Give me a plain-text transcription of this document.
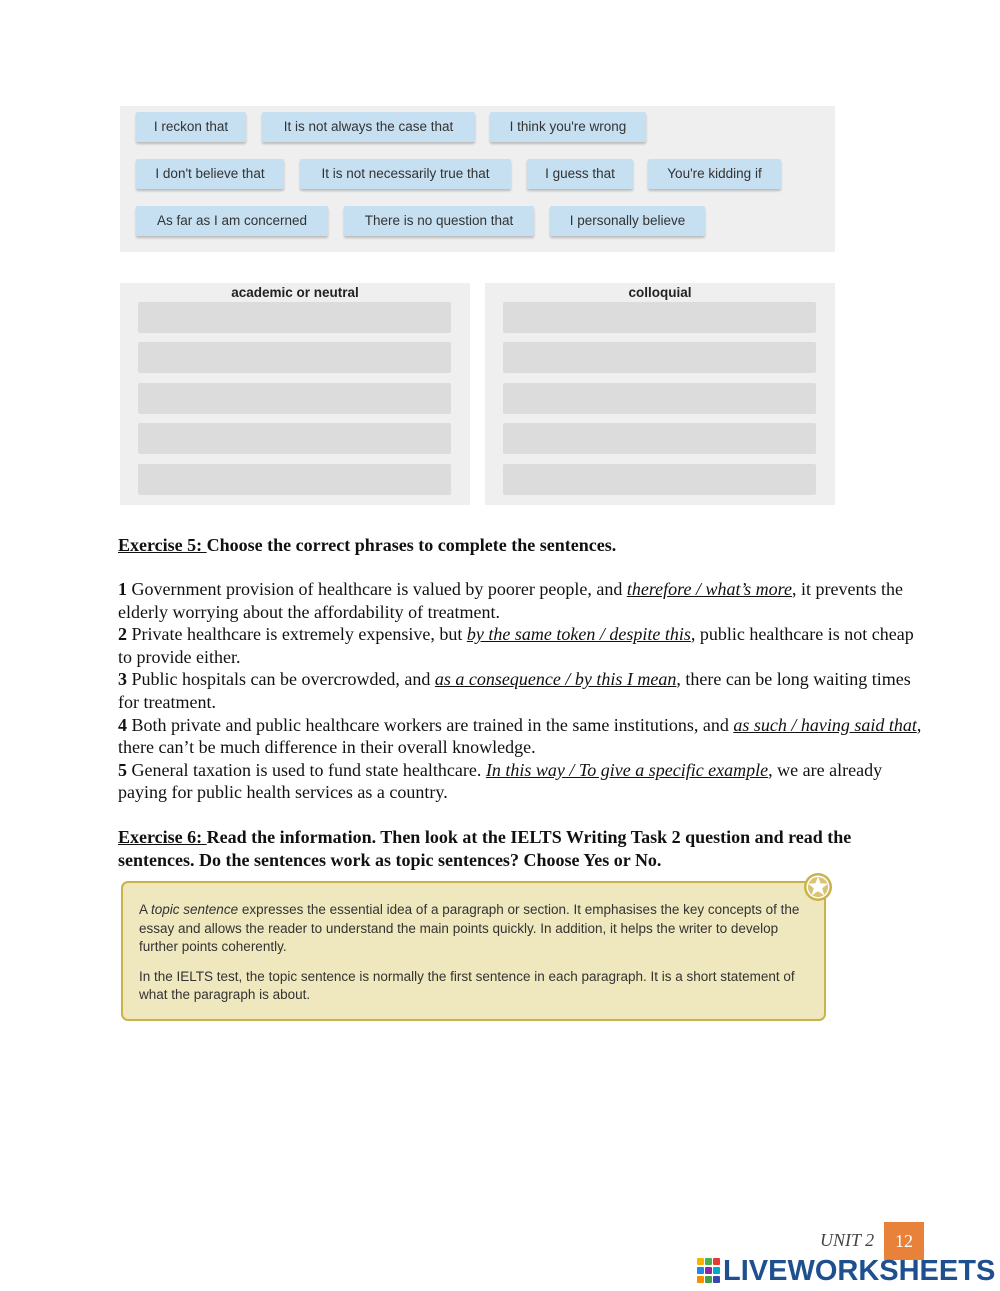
I reckon that	It is not always the case that	I think you're wrong
I don't believe that	It is not necessarily true that	I guess that	You're kidding if
As far as I am concerned	There is no question that	I personally believe
academic or neutral	colloquial
Exercise 5: Choose the correct phrases to complete the sentences.

1 Government provision of healthcare is valued by poorer people, and therefore / what’s more, it prevents the elderly worrying about the affordability of treatment.

2 Private healthcare is extremely expensive, but by the same token / despite this, public healthcare is not cheap to provide either.

3 Public hospitals can be overcrowded, and as a consequence / by this I mean, there can be long waiting times for treatment.

4 Both private and public healthcare workers are trained in the same institutions, and as such / having said that, there can’t be much difference in their overall knowledge.

5 General taxation is used to fund state healthcare. In this way / To give a specific example, we are already paying for public health services as a country.

Exercise 6: Read the information. Then look at the IELTS Writing Task 2 question and read the sentences. Do the sentences work as topic sentences? Choose Yes or No.

A topic sentence expresses the essential idea of a paragraph or section. It emphasises the key concepts of the essay and allows the reader to understand the main points quickly. In addition, it helps the writer to develop further points coherently.

In the IELTS test, the topic sentence is normally the first sentence in each paragraph. It is a short statement of what the paragraph is about.

UNIT 2	12
LIVEWORKSHEETS
